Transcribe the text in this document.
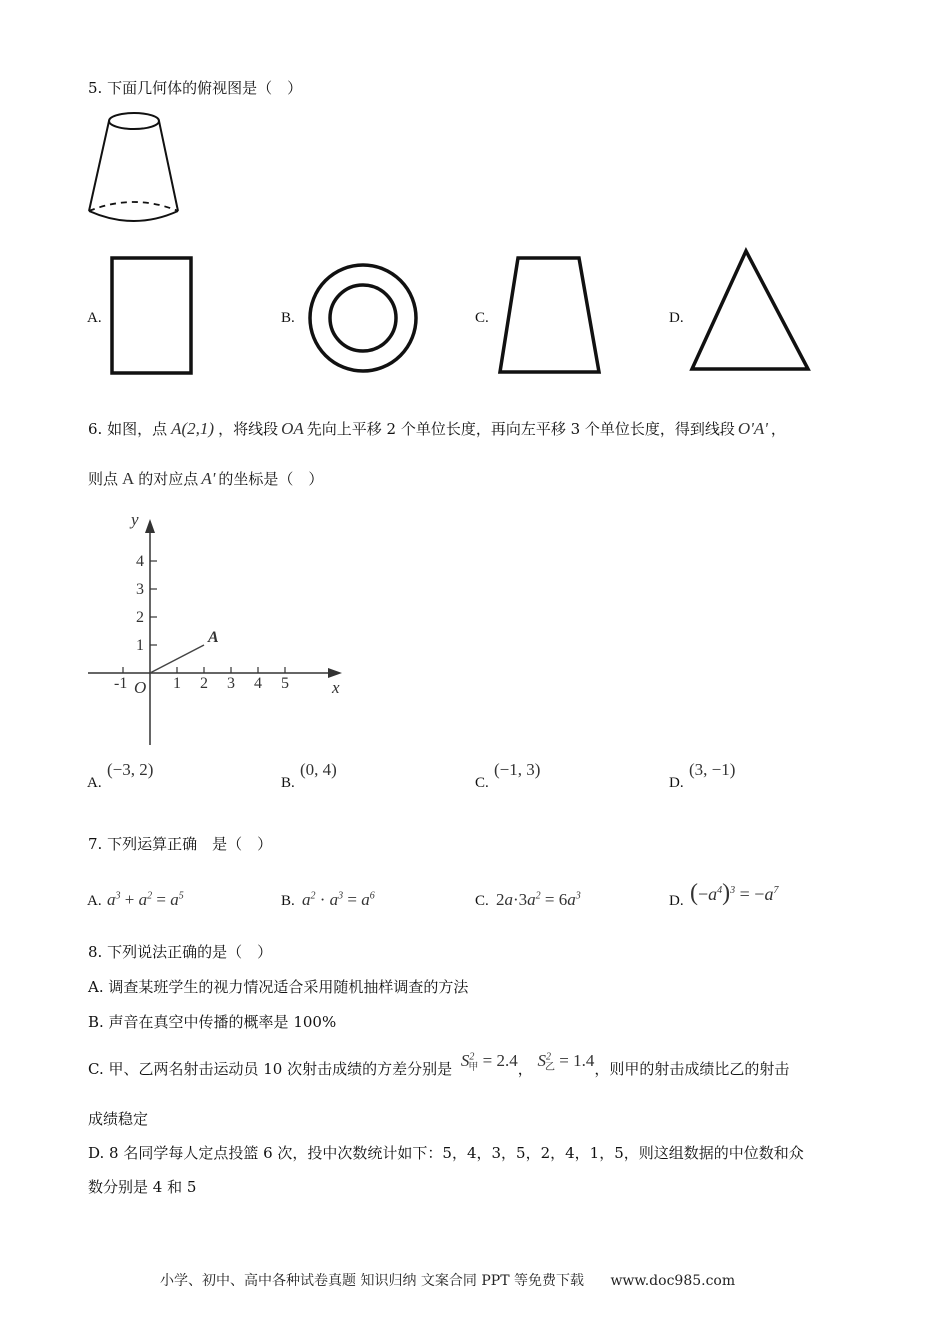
5. 下面几何体的俯视图是（　）
A.	B.	C.	D.
6. 如图，点 A(2,1) ，将线段 OA 先向上平移 2 个单位长度，再向左平移 3 个单位长度，得到线段 O'A' ，
则点 A 的对应点 A' 的坐标是（　）
x
y
O
-1	1 2 3 4 5
1
2
3
4
A
A.
(−3, 2)
B.
(0, 4)
C.
(−1, 3)
D.
(3, −1)
7. 下列运算正确　是（　）
A. $a^3 + a^2 = a^5$	B. $a^2 \cdot a^3 = a^6$	C. $2a\cdot 3a^2 = 6a^3$	D. $(-a^4)^3 = -a^7$
8. 下列说法正确的是（　）
A. 调查某班学生的视力情况适合采用随机抽样调查的方法
B. 声音在真空中传播的概率是 100%
C. 甲、乙两名射击运动员 10 次射击成绩的方差分别是 $S^2_甲 = 2.4$， $S^2_乙 = 1.4$，则甲的射击成绩比乙的射击
成绩稳定
D. 8 名同学每人定点投篮 6 次，投中次数统计如下：5，4，3，5，2，4，1，5，则这组数据的中位数和众
数分别是 4 和 5
小学、初中、高中各种试卷真题 知识归纳 文案合同 PPT 等免费下载 www.doc985.com
